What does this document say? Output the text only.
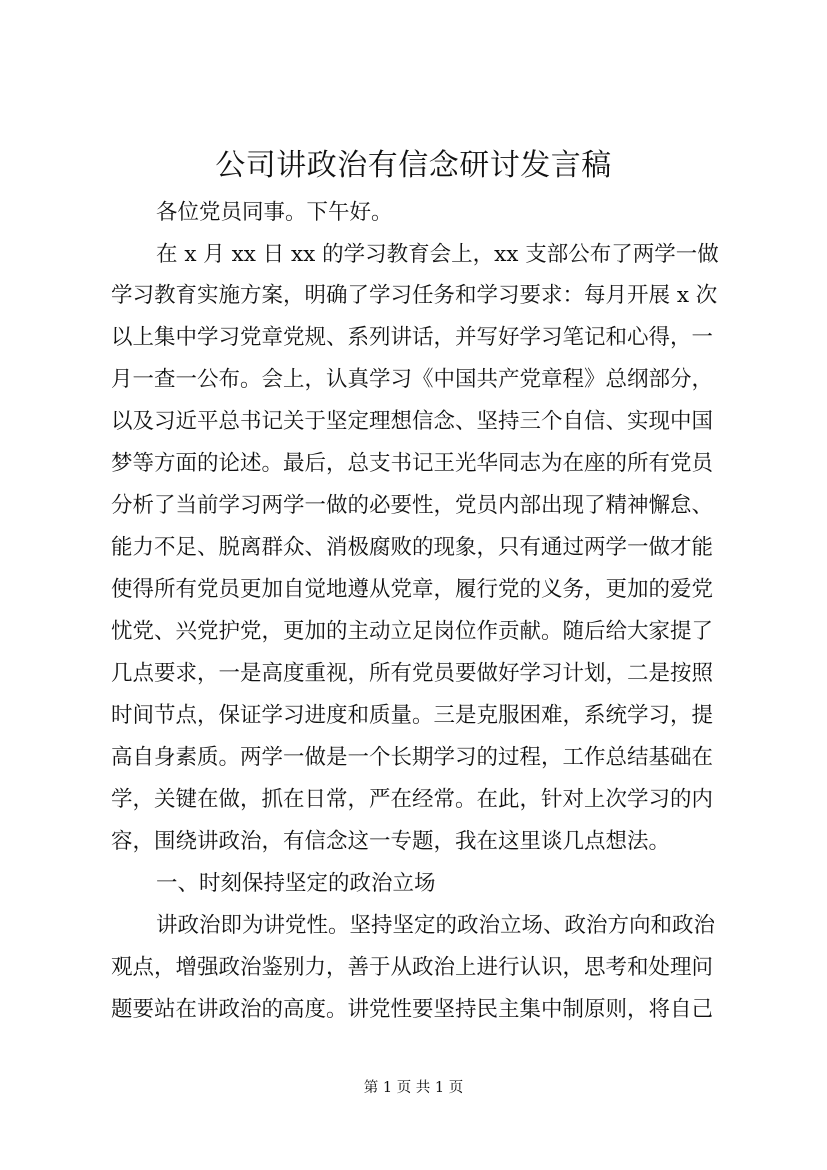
公司讲政治有信念研讨发言稿
各位党员同事。下午好。
在 x 月 xx 日 xx 的学习教育会上，xx 支部公布了两学一做
学习教育实施方案，明确了学习任务和学习要求：每月开展 x 次
以上集中学习党章党规、系列讲话，并写好学习笔记和心得，一
月一查一公布。会上，认真学习《中国共产党章程》总纲部分，
以及习近平总书记关于坚定理想信念、坚持三个自信、实现中国
梦等方面的论述。最后，总支书记王光华同志为在座的所有党员
分析了当前学习两学一做的必要性，党员内部出现了精神懈怠、
能力不足、脱离群众、消极腐败的现象，只有通过两学一做才能
使得所有党员更加自觉地遵从党章，履行党的义务，更加的爱党
忧党、兴党护党，更加的主动立足岗位作贡献。随后给大家提了
几点要求，一是高度重视，所有党员要做好学习计划，二是按照
时间节点，保证学习进度和质量。三是克服困难，系统学习，提
高自身素质。两学一做是一个长期学习的过程，工作总结基础在
学，关键在做，抓在日常，严在经常。在此，针对上次学习的内
容，围绕讲政治，有信念这一专题，我在这里谈几点想法。
一、时刻保持坚定的政治立场
讲政治即为讲党性。坚持坚定的政治立场、政治方向和政治
观点，增强政治鉴别力，善于从政治上进行认识，思考和处理问
题要站在讲政治的高度。讲党性要坚持民主集中制原则，将自己
第 1 页 共 1 页
